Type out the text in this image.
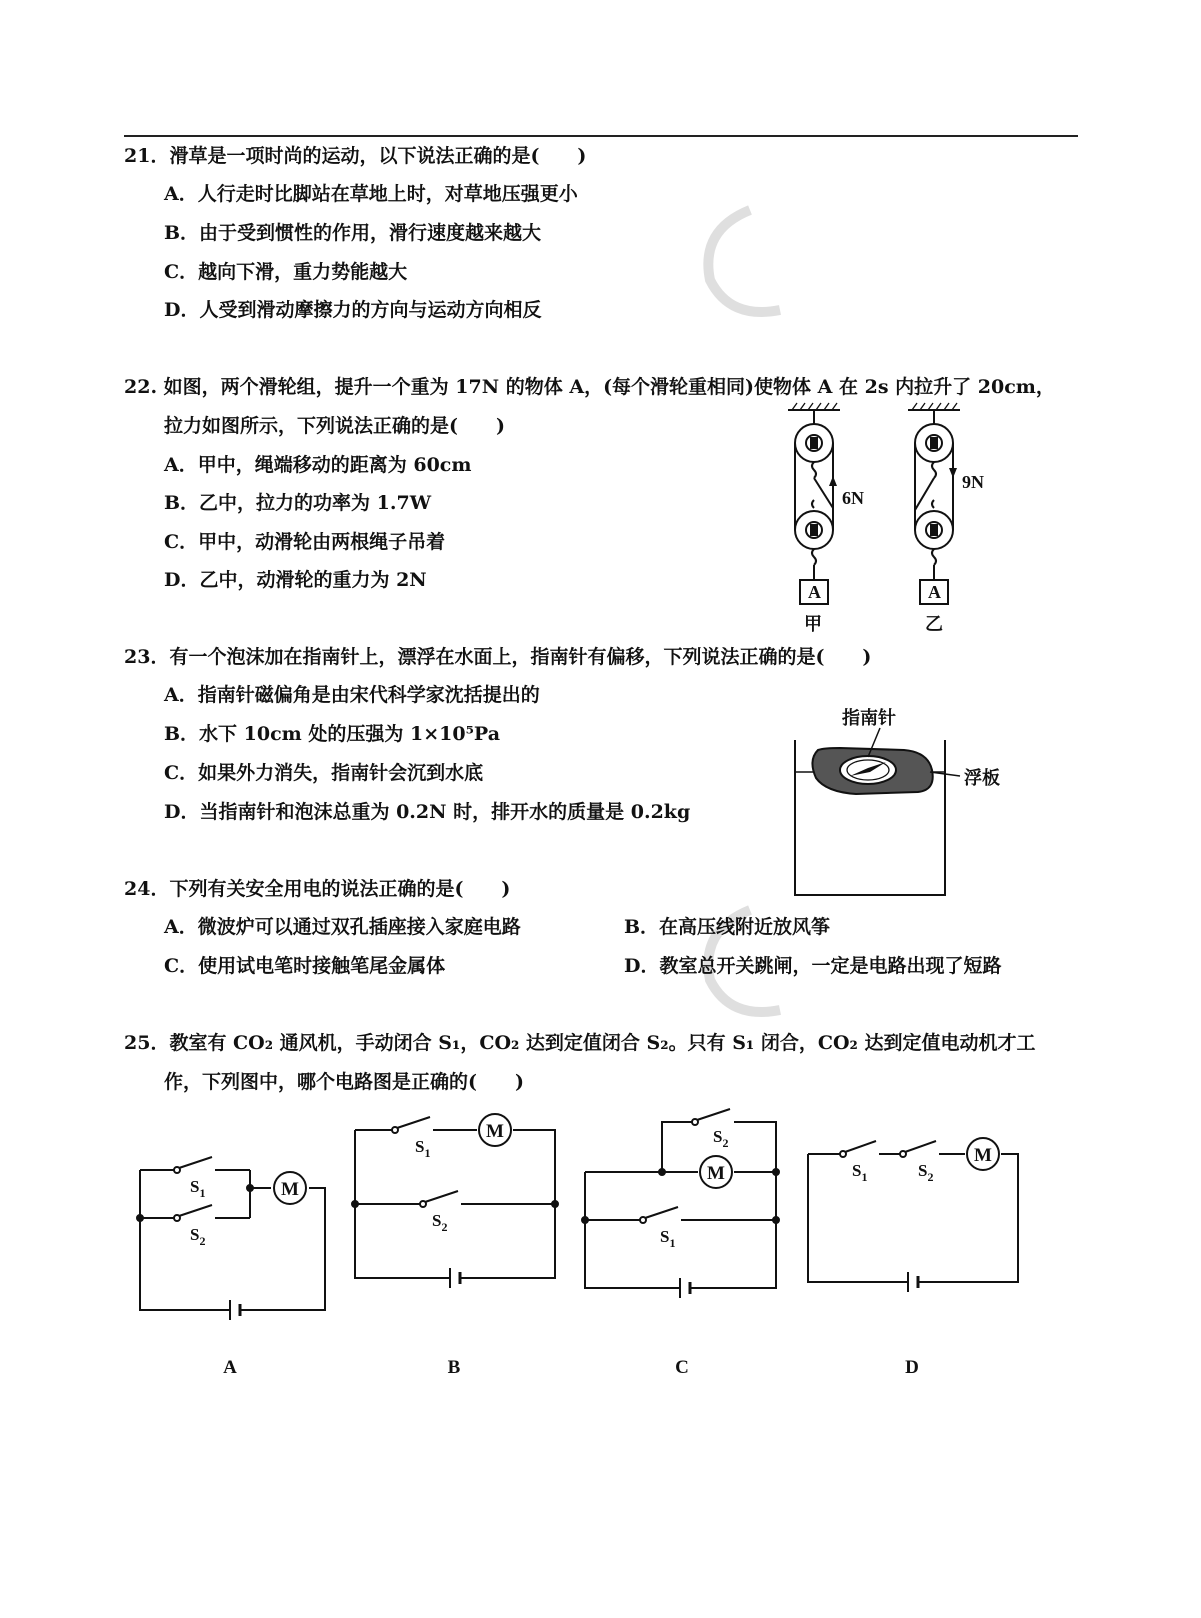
21．滑草是一项时尚的运动，以下说法正确的是(　　)
A．人行走时比脚站在草地上时，对草地压强更小
B．由于受到惯性的作用，滑行速度越来越大
C．越向下滑，重力势能越大
D．人受到滑动摩擦力的方向与运动方向相反
22. 如图，两个滑轮组，提升一个重为 17N 的物体 A，(每个滑轮重相同)使物体 A 在 2s 内拉升了 20cm，
拉力如图所示，下列说法正确的是(　　)
A．甲中，绳端移动的距离为 60cm
B．乙中，拉力的功率为 1.7W
C．甲中，动滑轮由两根绳子吊着
D．乙中，动滑轮的重力为 2N
6N
9N
A	A
甲	乙
23．有一个泡沫加在指南针上，漂浮在水面上，指南针有偏移，下列说法正确的是(　　)
A．指南针磁偏角是由宋代科学家沈括提出的
B．水下 10cm 处的压强为 1×10⁵Pa
C．如果外力消失，指南针会沉到水底
D．当指南针和泡沫总重为 0.2N 时，排开水的质量是 0.2kg
指南针
浮板
24．下列有关安全用电的说法正确的是(　　)
A．微波炉可以通过双孔插座接入家庭电路	B．在高压线附近放风筝
C．使用试电笔时接触笔尾金属体	D．教室总开关跳闸，一定是电路出现了短路
25．教室有 CO₂ 通风机，手动闭合 S₁，CO₂ 达到定值闭合 S₂。只有 S₁ 闭合，CO₂ 达到定值电动机才工
作，下列图中，哪个电路图是正确的(　　)
M
M
M
M
$S_1$
$S_2$
$S_1$
$S_2$
$S_2$
$S_1$
$S_1$	$S_2$
A	B	C	D
